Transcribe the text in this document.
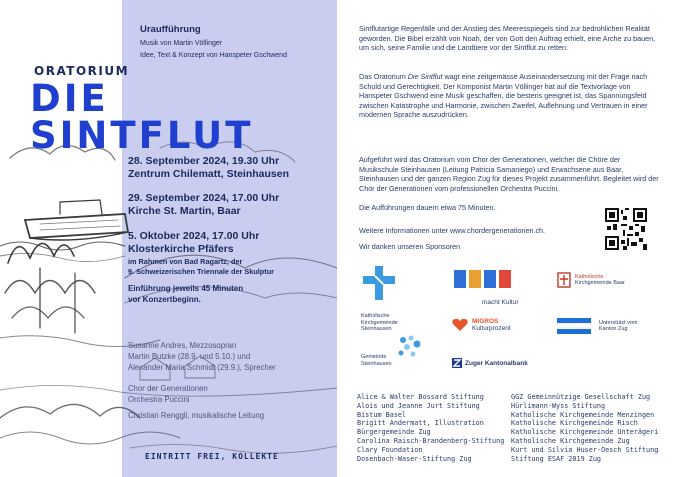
Uraufführung
Musik von Martin Völlinger
Idee, Text & Konzept von Hanspeter Gschwend
ORATORIUM
DIE SINTFLUT
28. September 2024, 19.30 Uhr
Zentrum Chilematt, Steinhausen
29. September 2024, 17.00 Uhr
Kirche St. Martin, Baar
5. Oktober 2024, 17.00 Uhr
Klosterkirche Pfäfers
im Rahmen von Bad Ragartz, der
9. Schweizerischen Triennale der Skulptur
Einführung jeweils 45 Minuten
vor Konzertbeginn.
Susanne Andres, Mezzosopran
Martin Butzke (28.9. und 5.10.) und
Alexander Maria Schmidt (29.9.), Sprecher
Chor der Generationen
Orchestra Puccini
Christian Renggli, musikalische Leitung
EINTRITT FREI, KOLLEKTE

Sintflutartige Regenfälle und der Anstieg des Meeresspiegels sind zur bedrohlichen Realität geworden. Die Bibel erzählt von Noah, der von Gott den Auftrag erhielt, eine Arche zu bauen, um sich, seine Familie und die Landtiere vor der Sintflut zu retten.

Das Oratorium Die Sintflut wagt eine zeitgemässe Auseinandersetzung mit der Frage nach Schuld und Gerechtigkeit. Der Komponist Martin Völlinger hat auf die Textvorlage von Hanspeter Gschwend eine Musik geschaffen, die bestens geeignet ist, das Spannungsfeld zwischen Katastrophe und Harmonie, zwischen Zweifel, Auflehnung und Vertrauen in einer modernen Sprache auszudrücken.

Aufgeführt wird das Oratorium vom Chor der Generationen, welcher die Chöre der Musikschule Steinhausen (Leitung Patricia Samaniego) und Erwachsene aus Baar, Steinhausen und der ganzen Region Zug für dieses Projekt zusammenführt. Begleitet wird der Chor der Generationen vom professionellen Orchestra Puccini.

Die Aufführungen dauern etwa 75 Minuten.

Weitere Informationen unter www.chordergenerationen.ch.

Wir danken unseren Sponsoren

Katholische
Kirchgemeinde
Steinhausen
macht Kultur
Katholische
Kirchgemeinde Baar
MIGROS
Kulturprozent
Unterstützt vom
Kanton Zug
Gemeinde
Steinhausen	Zuger Kantonalbank
Alice & Walter Bossard Stiftung
Alois und Jeanne Jurt Stiftung
Bistum Basel
Brigitt Andermatt, Illustration
Bürgergemeinde Zug
Carolina Raisch-Brandenberg-Stiftung
Clary Foundation
Dosenbach-Waser-Stiftung Zug
GGZ Gemeinnützige Gesellschaft Zug
Hürlimann-Wyss Stiftung
Katholische Kirchgemeinde Menzingen
Katholische Kirchgemeinde Risch
Katholische Kirchgemeinde Unterägeri
Katholische Kirchgemeinde Zug
Kurt und Silvia Huser-Oesch Stiftung
Stiftung ESAF 2019 Zug
